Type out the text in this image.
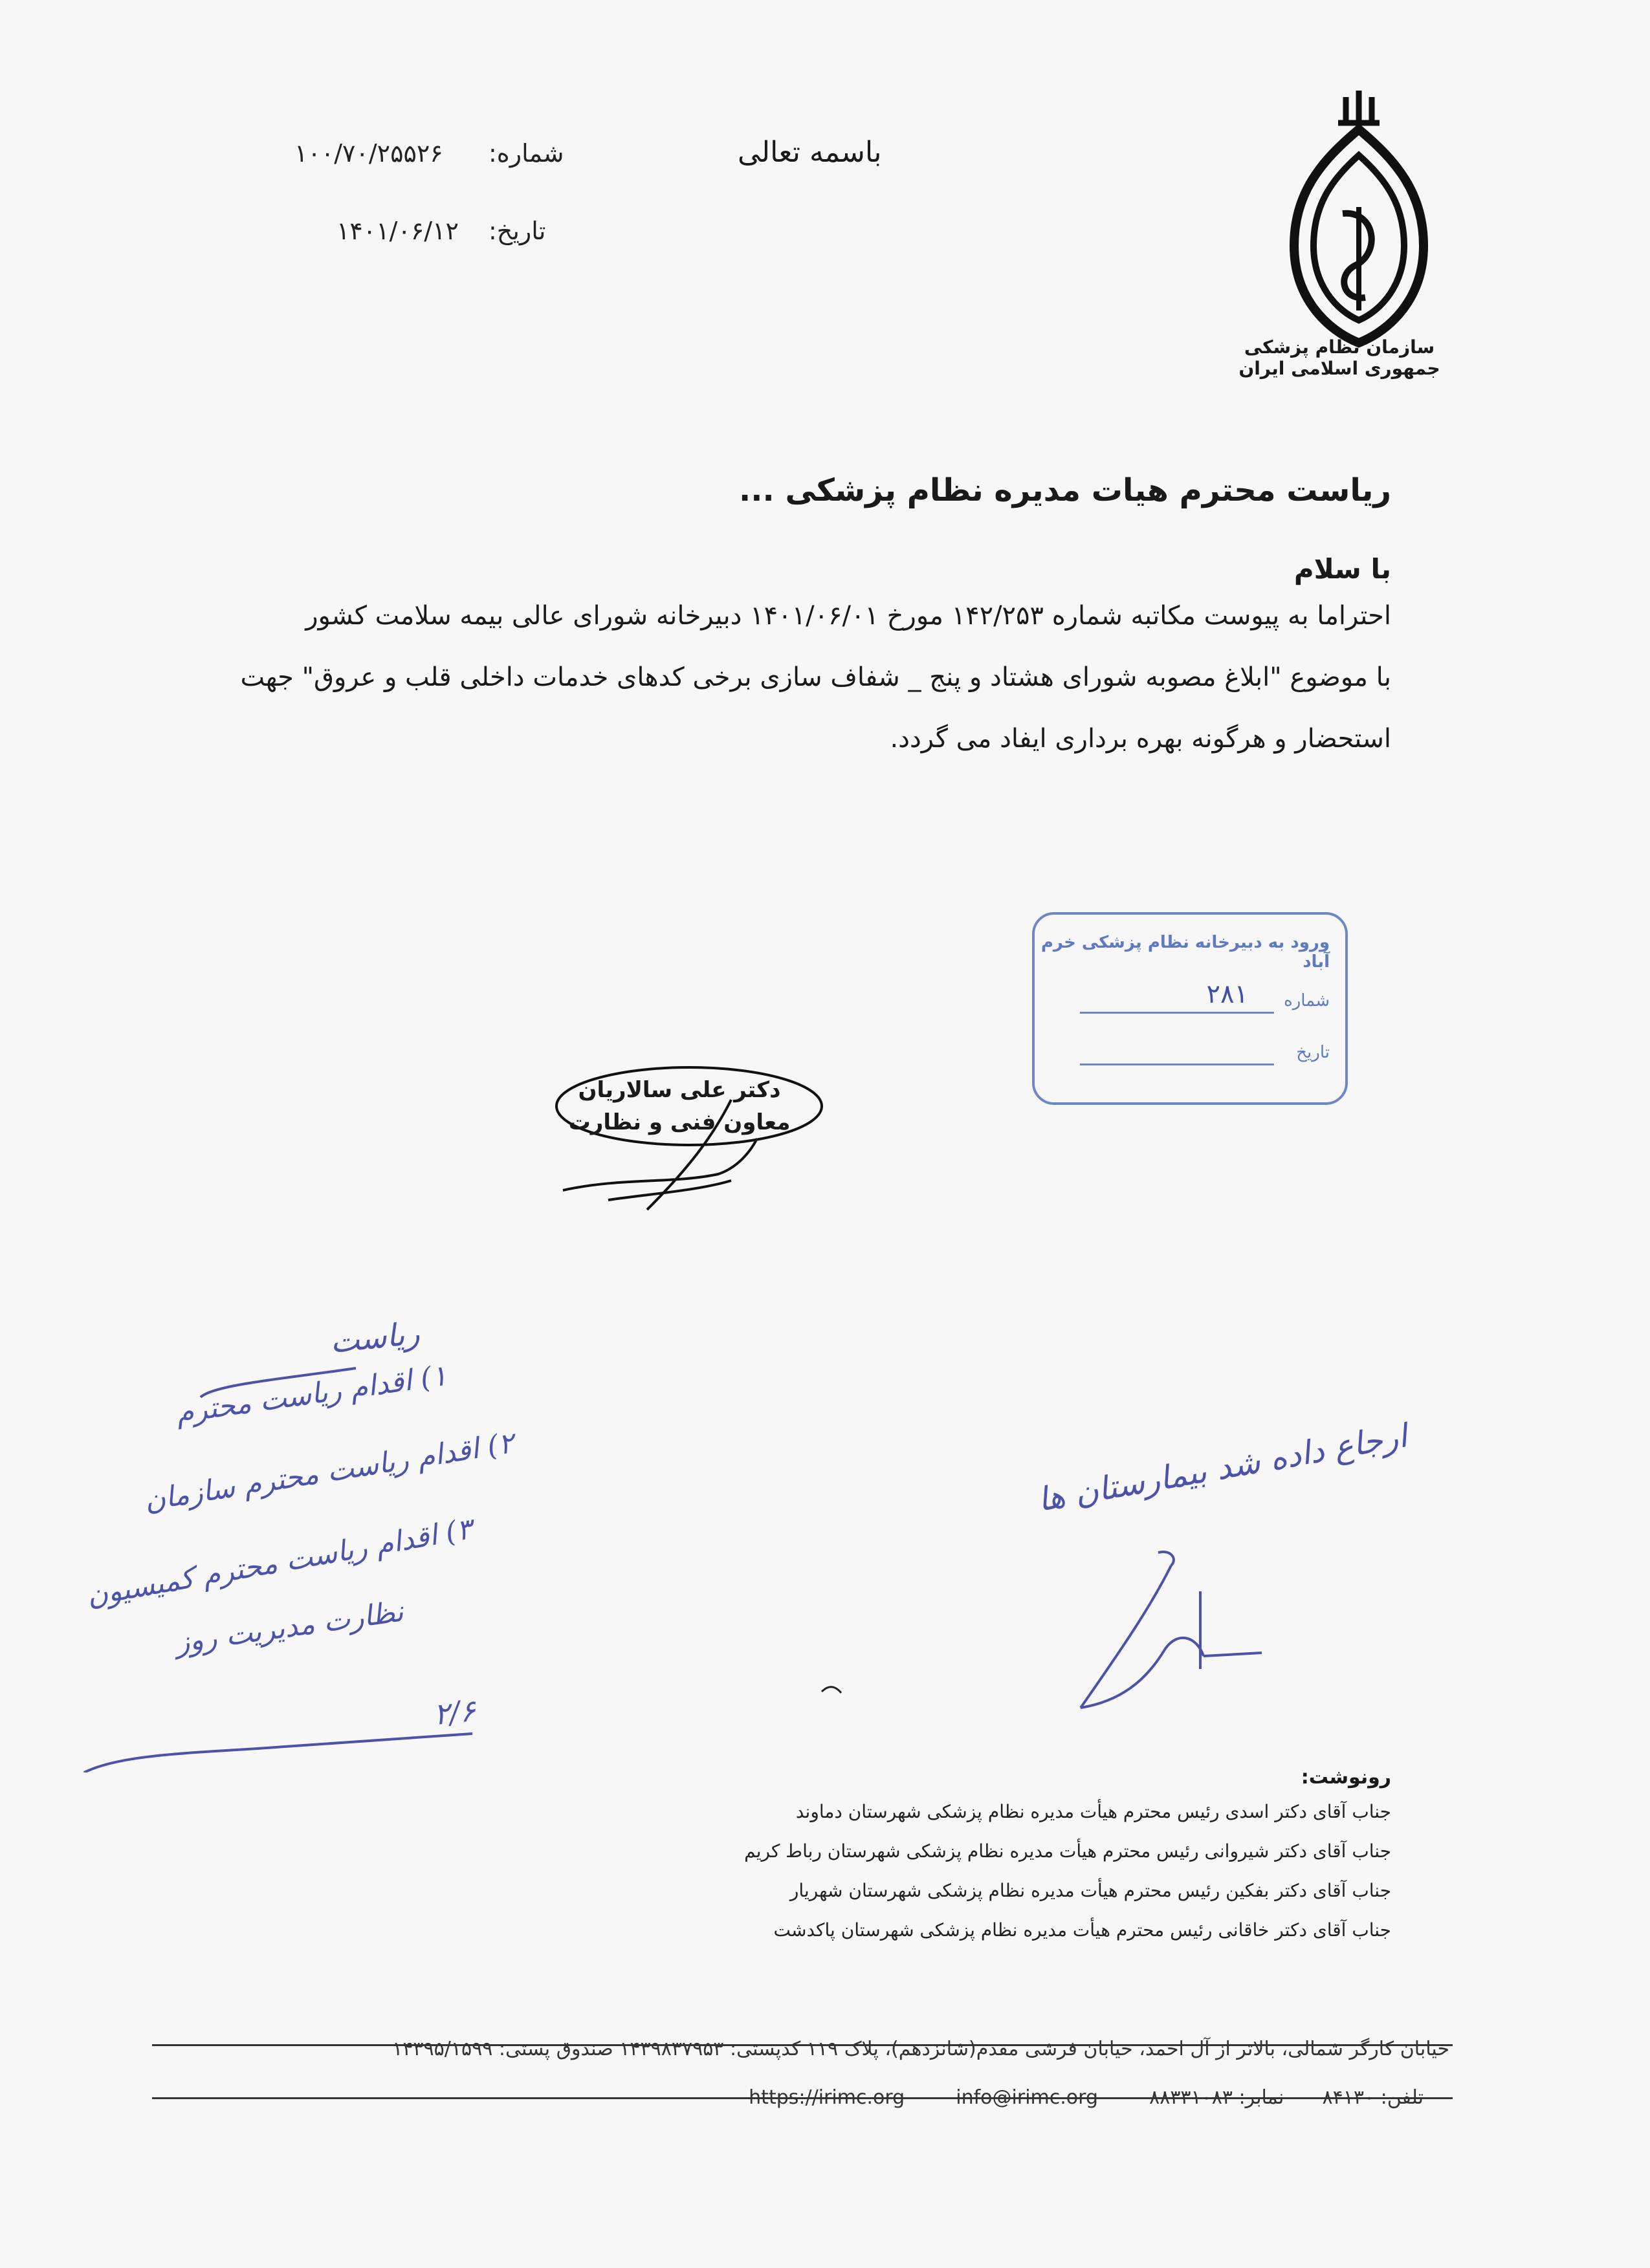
سازمان نظام پزشکی جمهوری اسلامی ایران
باسمه تعالی
شماره:
۱۰۰/۷۰/۲۵۵۲۶
تاریخ:
۱۴۰۱/۰۶/۱۲
ریاست محترم هیات مدیره نظام پزشکی ...
با سلام
احتراما به پیوست مکاتبه شماره ۱۴۲/۲۵۳ مورخ ۱۴۰۱/۰۶/۰۱ دبیرخانه شورای عالی بیمه سلامت کشور
با موضوع "ابلاغ مصوبه شورای هشتاد و پنج _ شفاف سازی برخی کدهای خدمات داخلی قلب و عروق" جهت
استحضار و هرگونه بهره برداری ایفاد می گردد.
ورود به دبیرخانه نظام پزشکی خرم آباد
شماره
۲۸۱
تاریخ
دکتر علی سالاریان
معاون فنی و نظارت
ریاست
۱) اقدام ریاست محترم
۲) اقدام ریاست محترم سازمان
۳) اقدام ریاست محترم کمیسیون
نظارت مدیریت روز
۲/۶
ارجاع داده شد بیمارستان ها
رونوشت:
جناب آقای دکتر اسدی رئیس محترم هیأت مدیره نظام پزشکی شهرستان دماوند
جناب آقای دکتر شیروانی رئیس محترم هیأت مدیره نظام پزشکی شهرستان رباط کریم
جناب آقای دکتر بفکین رئیس محترم هیأت مدیره نظام پزشکی شهرستان شهریار
جناب آقای دکتر خاقانی رئیس محترم هیأت مدیره نظام پزشکی شهرستان پاکدشت
خیابان کارگر شمالی، بالاتر از آل احمد، خیابان فرشی مقدم(شانزدهم)، پلاک ۱۱۹ کدپستی: ۱۴۳۹۸۳۷۹۵۳ صندوق پستی: ۱۴۳۹۵/۱۵۹۹
تلفن: ۸۴۱۳۰  نمابر: ۸۸۳۳۱۰۸۳  https://irimc.org	info@irimc.org
